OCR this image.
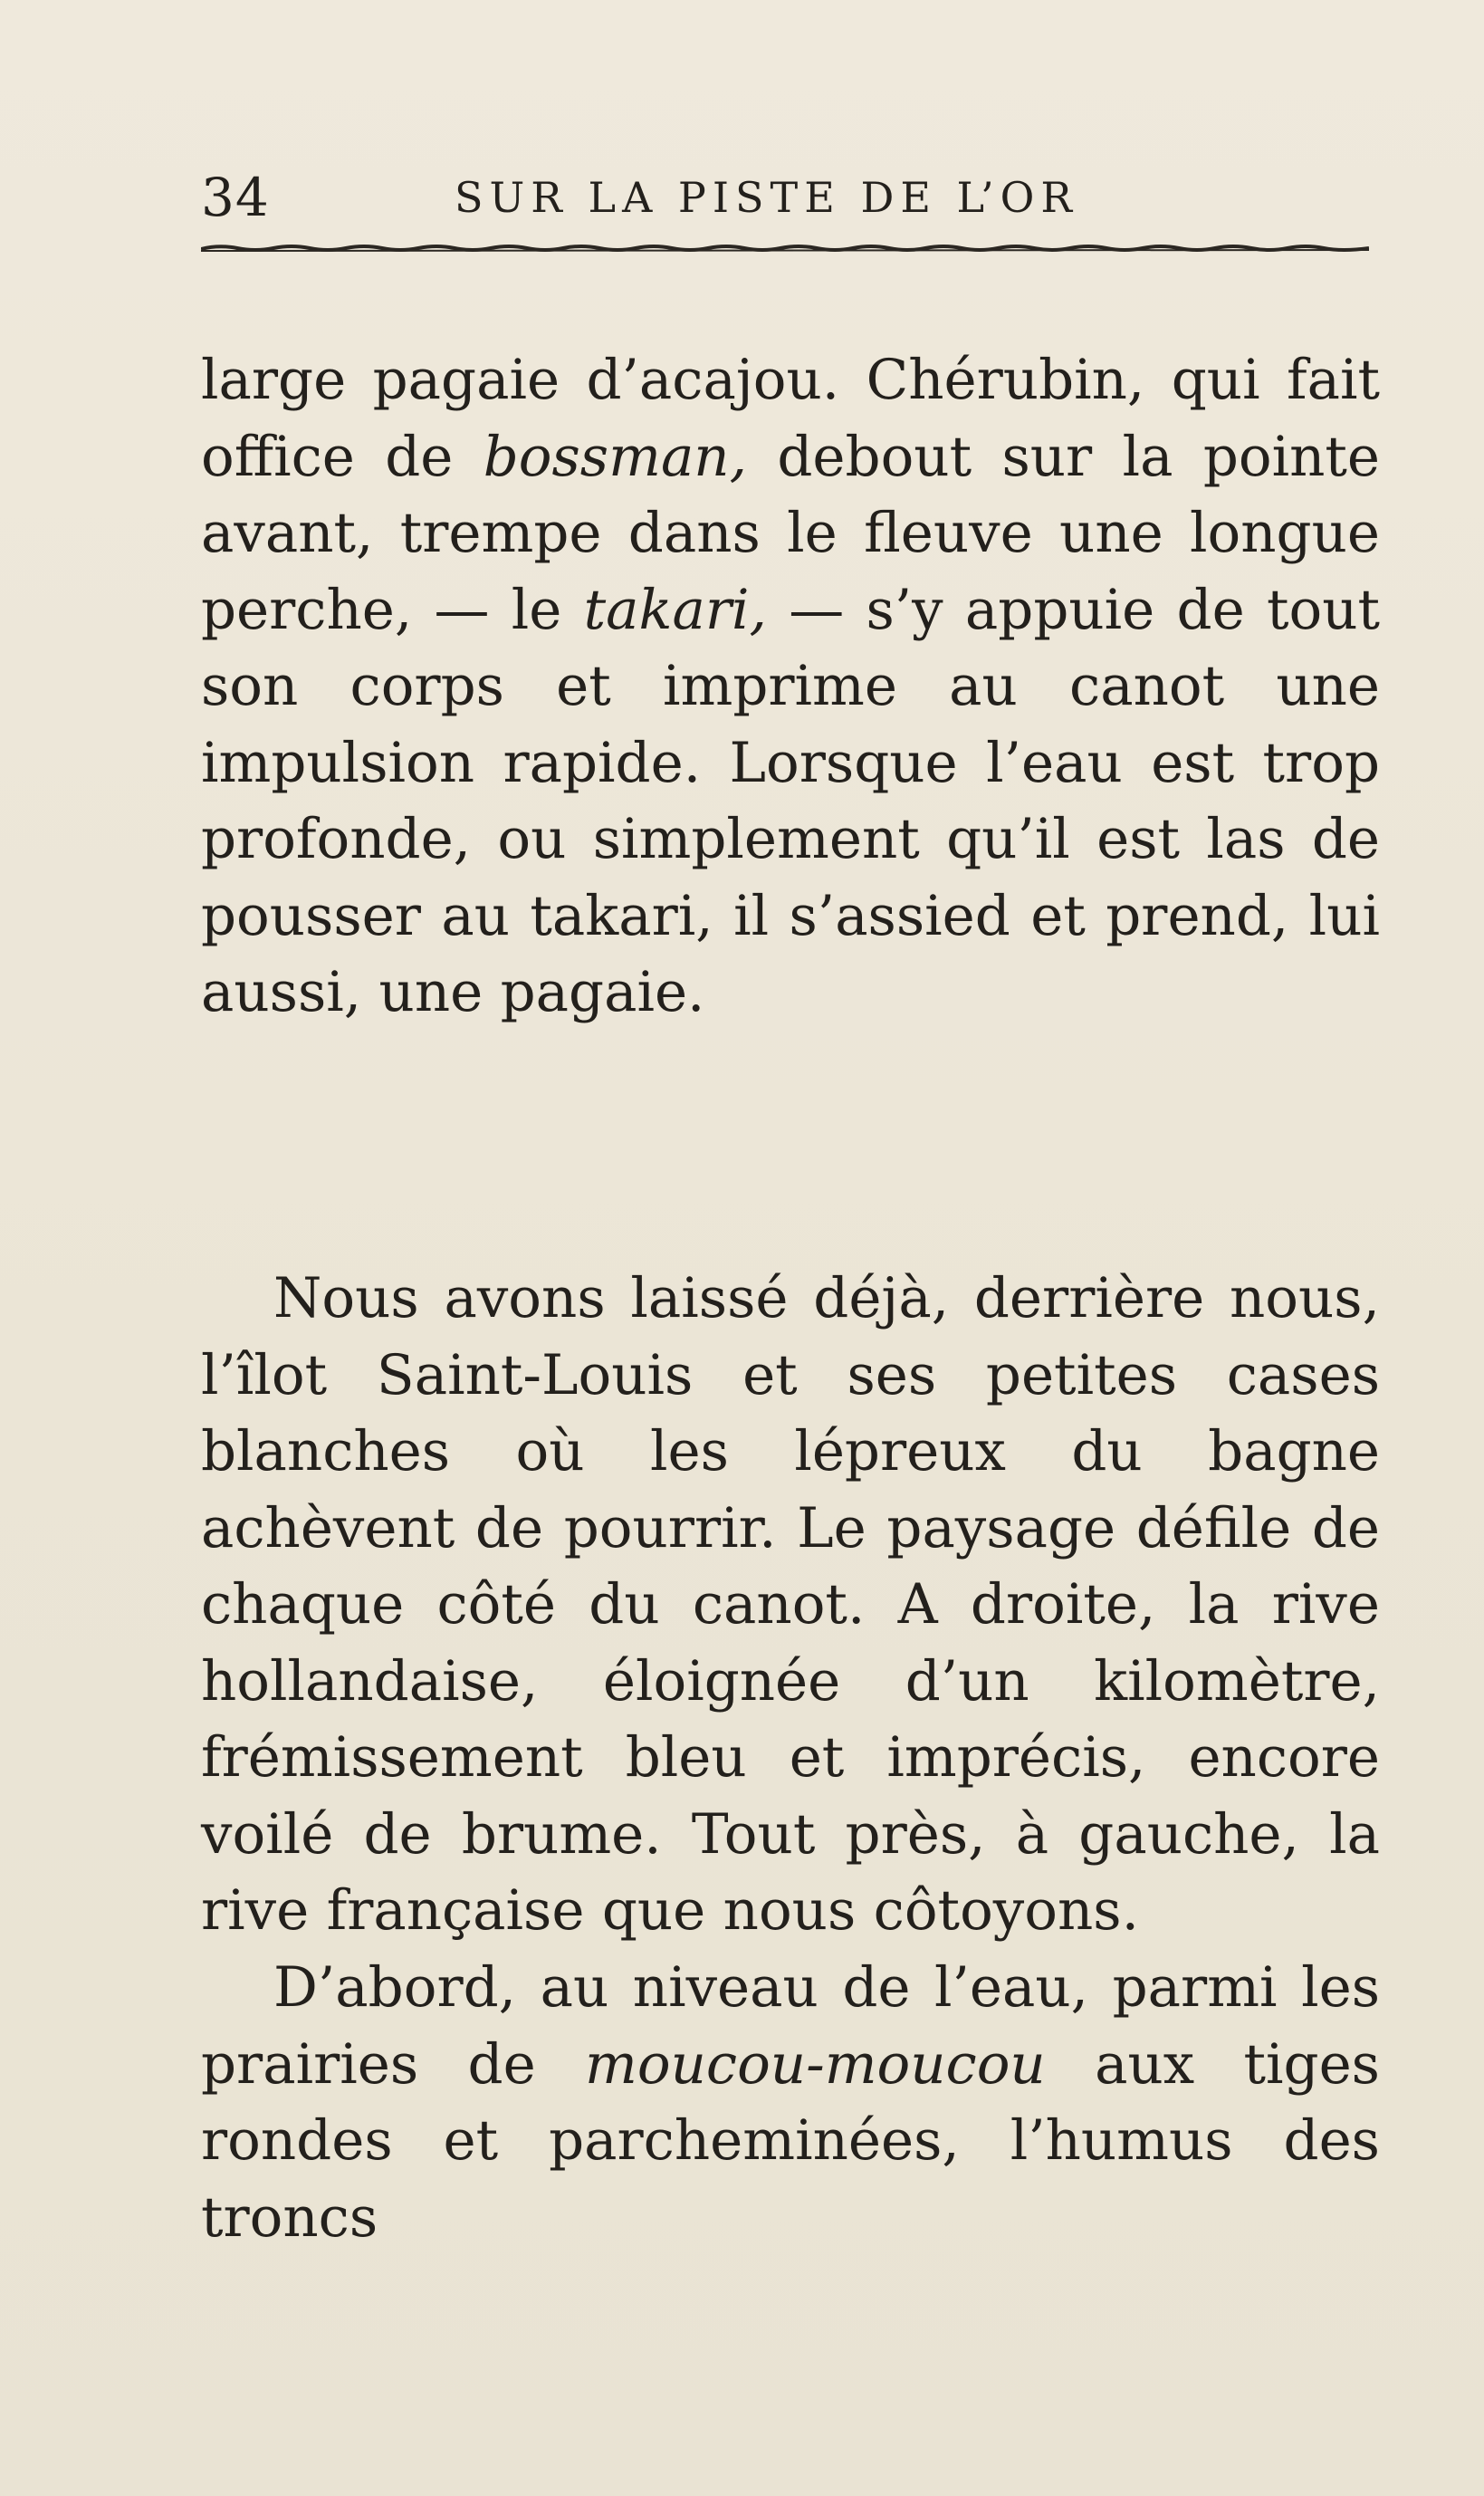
34	SUR LA PISTE DE L’OR

large pagaie d’acajou. Chérubin, qui fait office de bossman, debout sur la pointe avant, trempe dans le fleuve une longue perche, — le takari, — s’y appuie de tout son corps et imprime au canot une impulsion rapide. Lorsque l’eau est trop profonde, ou simplement qu’il est las de pousser au takari, il s’assied et prend, lui aussi, une pagaie.

Nous avons laissé déjà, derrière nous, l’îlot Saint-Louis et ses petites cases blanches où les lépreux du bagne achèvent de pourrir. Le paysage défile de chaque côté du canot. A droite, la rive hollandaise, éloignée d’un kilomètre, frémissement bleu et imprécis, encore voilé de brume. Tout près, à gauche, la rive française que nous côtoyons.

D’abord, au niveau de l’eau, parmi les prairies de moucou-moucou aux tiges rondes et parcheminées, l’humus des troncs
